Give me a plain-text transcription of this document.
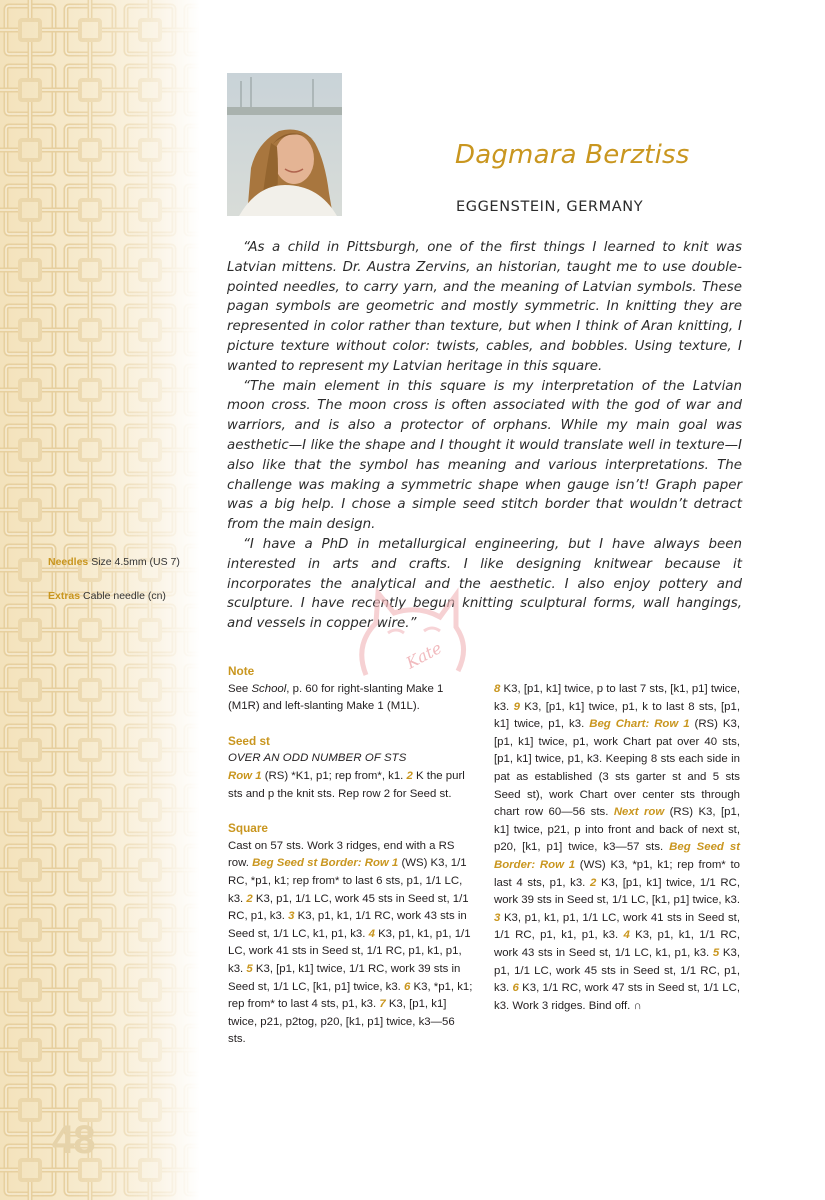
48
Dagmara Berztiss
EGGENSTEIN, GERMANY

“As a child in Pittsburgh, one of the first things I learned to knit was Latvian mittens. Dr. Austra Zervins, an historian, taught me to use double-pointed needles, to carry yarn, and the meaning of Latvian symbols. These pagan symbols are geometric and mostly symmetric. In knitting they are represented in color rather than texture, but when I think of Aran knitting, I picture texture without color: twists, cables, and bobbles. Using texture, I wanted to represent my Latvian heritage in this square.

“The main element in this square is my interpretation of the Latvian moon cross. The moon cross is often associated with the god of war and warriors, and is also a protector of orphans. While my main goal was aesthetic—I like the shape and I thought it would translate well in texture—I also like that the symbol has meaning and various interpretations. The challenge was making a symmetric shape when gauge isn’t! Graph paper was a big help. I chose a simple seed stitch border that wouldn’t detract from the main design.

“I have a PhD in metallurgical engineering, but I have always been interested in arts and crafts. I like designing knitwear because it incorporates the analytical and the aesthetic. I also enjoy pottery and sculpture. I have recently begun knitting sculptural forms, wall hangings, and vessels in copper wire.”

Needles Size 4.5mm (US 7)
Extras Cable needle (cn)
Kate
Note

See School, p. 60 for right-slanting Make 1 (M1R) and left-slanting Make 1 (M1L).

Seed st

OVER AN ODD NUMBER OF STS

Row 1 (RS) *K1, p1; rep from*, k1. 2 K the purl sts and p the knit sts. Rep row 2 for Seed st.

Square

Cast on 57 sts. Work 3 ridges, end with a RS row. Beg Seed st Border: Row 1 (WS) K3, 1/1 RC, *p1, k1; rep from* to last 6 sts, p1, 1/1 LC, k3. 2 K3, p1, 1/1 LC, work 45 sts in Seed st, 1/1 RC, p1, k3. 3 K3, p1, k1, 1/1 RC, work 43 sts in Seed st, 1/1 LC, k1, p1, k3. 4 K3, p1, k1, p1, 1/1 LC, work 41 sts in Seed st, 1/1 RC, p1, k1, p1, k3. 5 K3, [p1, k1] twice, 1/1 RC, work 39 sts in Seed st, 1/1 LC, [k1, p1] twice, k3. 6 K3, *p1, k1; rep from* to last 4 sts, p1, k3. 7 K3, [p1, k1] twice, p21, p2tog, p20, [k1, p1] twice, k3—56 sts.

8 K3, [p1, k1] twice, p to last 7 sts, [k1, p1] twice, k3. 9 K3, [p1, k1] twice, p1, k to last 8 sts, [p1, k1] twice, p1, k3. Beg Chart: Row 1 (RS) K3, [p1, k1] twice, p1, work Chart pat over 40 sts, [p1, k1] twice, p1, k3. Keeping 8 sts each side in pat as established (3 sts garter st and 5 sts Seed st), work Chart over center sts through chart row 60—56 sts. Next row (RS) K3, [p1, k1] twice, p21, p into front and back of next st, p20, [k1, p1] twice, k3—57 sts. Beg Seed st Border: Row 1 (WS) K3, *p1, k1; rep from* to last 4 sts, p1, k3. 2 K3, [p1, k1] twice, 1/1 RC, work 39 sts in Seed st, 1/1 LC, [k1, p1] twice, k3. 3 K3, p1, k1, p1, 1/1 LC, work 41 sts in Seed st, 1/1 RC, p1, k1, p1, k3. 4 K3, p1, k1, 1/1 RC, work 43 sts in Seed st, 1/1 LC, k1, p1, k3. 5 K3, p1, 1/1 LC, work 45 sts in Seed st, 1/1 RC, p1, k3. 6 K3, 1/1 RC, work 47 sts in Seed st, 1/1 LC, k3. Work 3 ridges. Bind off. ∩
